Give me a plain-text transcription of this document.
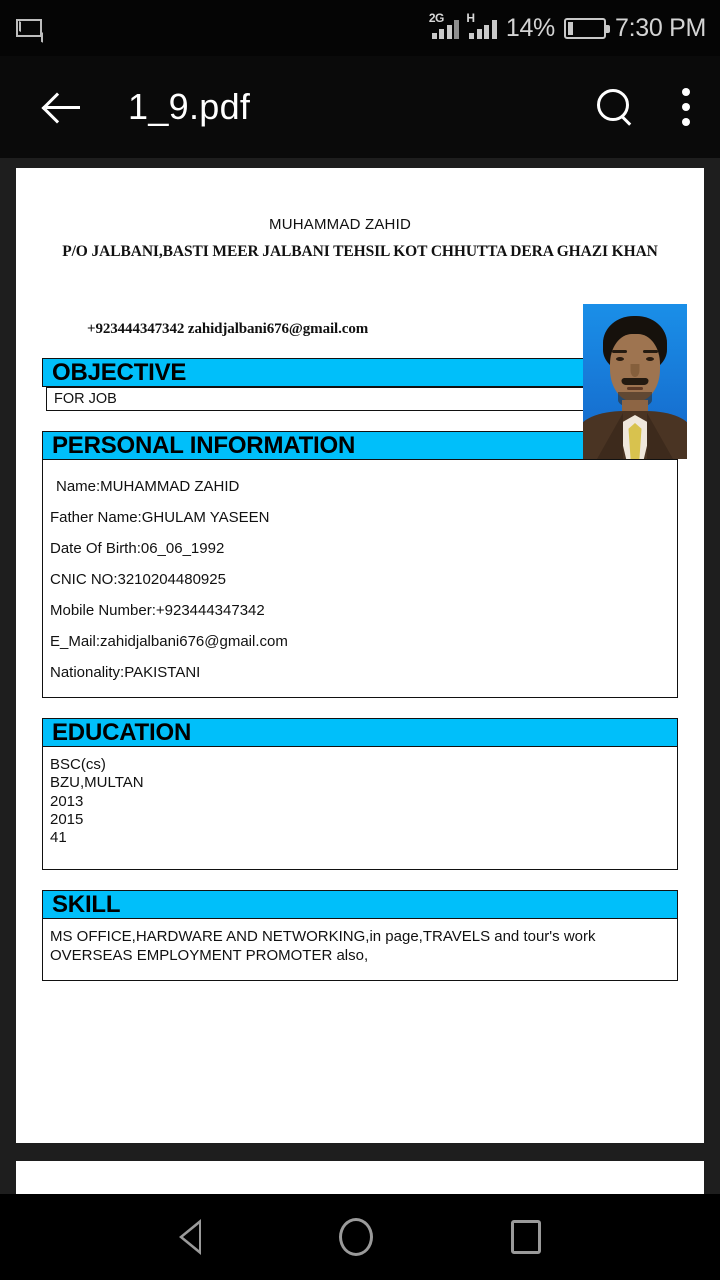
2G H 14% 7:30 PM
1_9.pdf
MUHAMMAD ZAHID
P/O JALBANI,BASTI MEER JALBANI TEHSIL KOT CHHUTTA DERA GHAZI KHAN
+923444347342 zahidjalbani676@gmail.com
OBJECTIVE
FOR JOB
PERSONAL INFORMATION
Name:MUHAMMAD ZAHID
Father Name:GHULAM YASEEN
Date Of Birth:06_06_1992
CNIC NO:3210204480925
Mobile Number:+923444347342
E_Mail:zahidjalbani676@gmail.com
Nationality:PAKISTANI
EDUCATION
BSC(cs)
BZU,MULTAN
2013
2015
41
SKILL
MS OFFICE,HARDWARE AND NETWORKING,in page,TRAVELS and tour's work OVERSEAS EMPLOYMENT PROMOTER also,
